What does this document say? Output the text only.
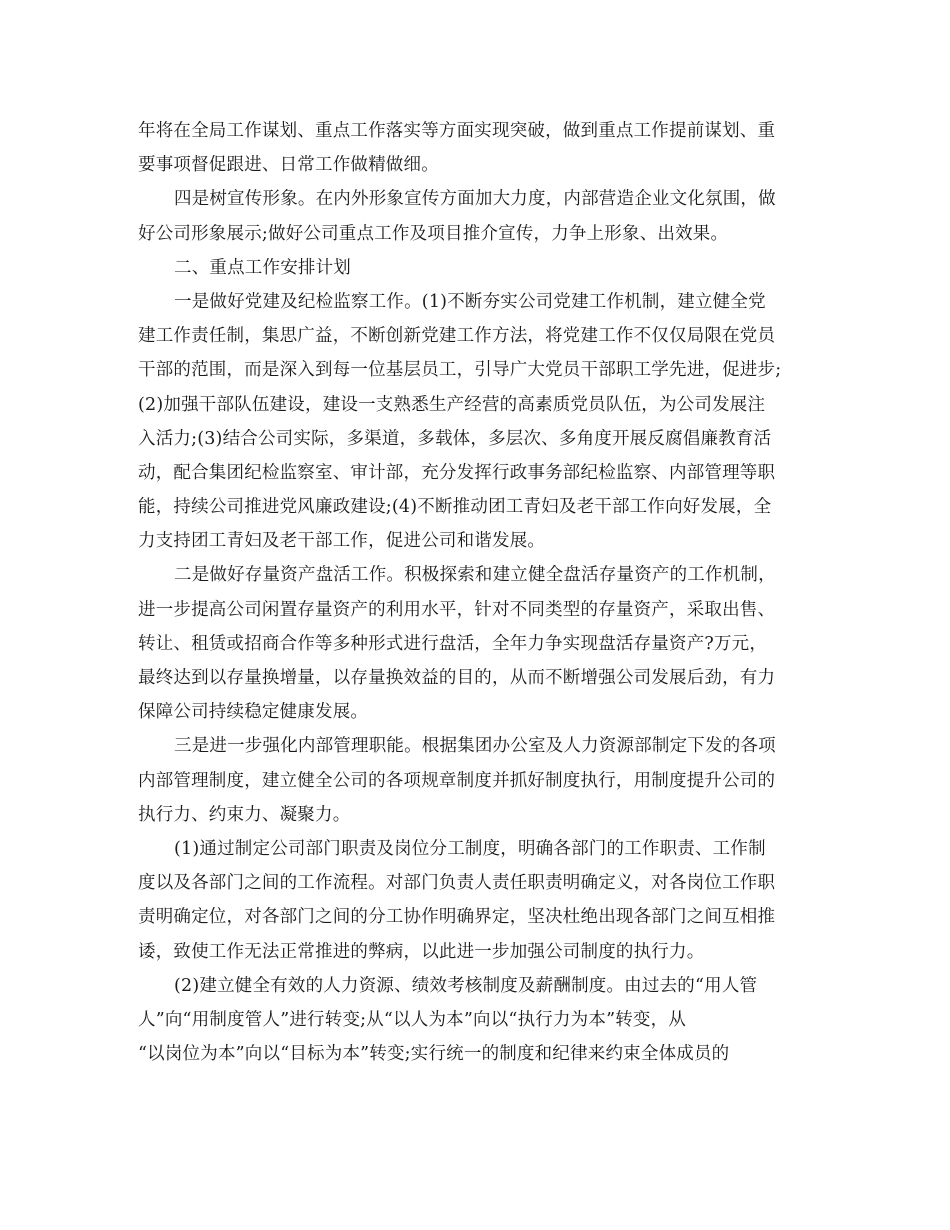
年将在全局工作谋划、重点工作落实等方面实现突破，做到重点工作提前谋划、重
要事项督促跟进、日常工作做精做细。
四是树宣传形象。在内外形象宣传方面加大力度，内部营造企业文化氛围，做
好公司形象展示;做好公司重点工作及项目推介宣传，力争上形象、出效果。
二、重点工作安排计划
一是做好党建及纪检监察工作。(1)不断夯实公司党建工作机制，建立健全党
建工作责任制，集思广益，不断创新党建工作方法，将党建工作不仅仅局限在党员
干部的范围，而是深入到每一位基层员工，引导广大党员干部职工学先进，促进步;
(2)加强干部队伍建设，建设一支熟悉生产经营的高素质党员队伍，为公司发展注
入活力;(3)结合公司实际，多渠道，多载体，多层次、多角度开展反腐倡廉教育活
动，配合集团纪检监察室、审计部，充分发挥行政事务部纪检监察、内部管理等职
能，持续公司推进党风廉政建设;(4)不断推动团工青妇及老干部工作向好发展，全
力支持团工青妇及老干部工作，促进公司和谐发展。
二是做好存量资产盘活工作。积极探索和建立健全盘活存量资产的工作机制，
进一步提高公司闲置存量资产的利用水平，针对不同类型的存量资产，采取出售、
转让、租赁或招商合作等多种形式进行盘活，全年力争实现盘活存量资产?万元，
最终达到以存量换增量，以存量换效益的目的，从而不断增强公司发展后劲，有力
保障公司持续稳定健康发展。
三是进一步强化内部管理职能。根据集团办公室及人力资源部制定下发的各项
内部管理制度，建立健全公司的各项规章制度并抓好制度执行，用制度提升公司的
执行力、约束力、凝聚力。
(1)通过制定公司部门职责及岗位分工制度，明确各部门的工作职责、工作制
度以及各部门之间的工作流程。对部门负责人责任职责明确定义，对各岗位工作职
责明确定位，对各部门之间的分工协作明确界定，坚决杜绝出现各部门之间互相推
诿，致使工作无法正常推进的弊病，以此进一步加强公司制度的执行力。
(2)建立健全有效的人力资源、绩效考核制度及薪酬制度。由过去的“用人管
人”向“用制度管人”进行转变;从“以人为本”向以“执行力为本”转变，从
“以岗位为本”向以“目标为本”转变;实行统一的制度和纪律来约束全体成员的
